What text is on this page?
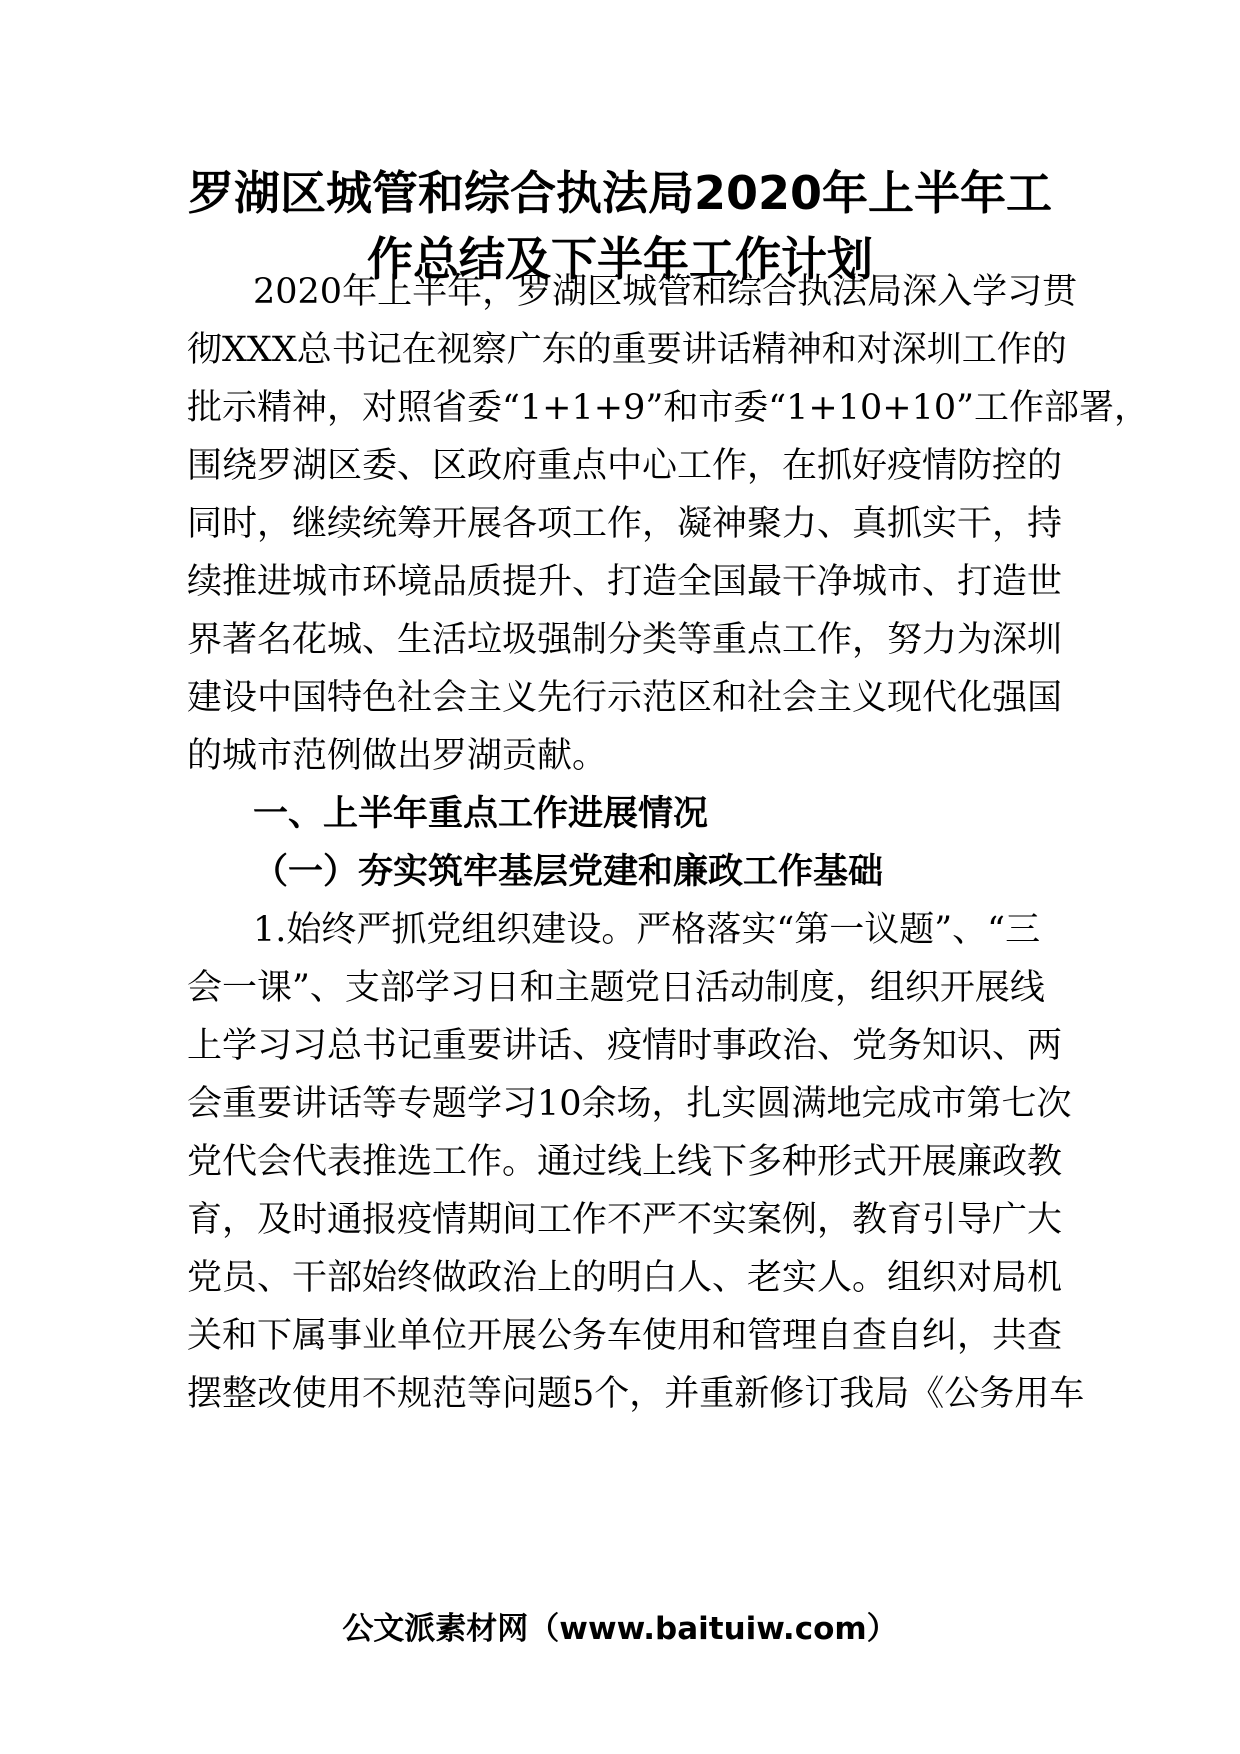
罗湖区城管和综合执法局2020年上半年工
作总结及下半年工作计划

2020年上半年，罗湖区城管和综合执法局深入学习贯

彻XXX总书记在视察广东的重要讲话精神和对深圳工作的

批示精神，对照省委“1+1+9”和市委“1+10+10”工作部署，

围绕罗湖区委、区政府重点中心工作，在抓好疫情防控的

同时，继续统筹开展各项工作，凝神聚力、真抓实干，持

续推进城市环境品质提升、打造全国最干净城市、打造世

界著名花城、生活垃圾强制分类等重点工作，努力为深圳

建设中国特色社会主义先行示范区和社会主义现代化强国

的城市范例做出罗湖贡献。

一、上半年重点工作进展情况
（一）夯实筑牢基层党建和廉政工作基础

1.始终严抓党组织建设。严格落实“第一议题”、“三

会一课”、支部学习日和主题党日活动制度，组织开展线

上学习习总书记重要讲话、疫情时事政治、党务知识、两

会重要讲话等专题学习10余场，扎实圆满地完成市第七次

党代会代表推选工作。通过线上线下多种形式开展廉政教

育，及时通报疫情期间工作不严不实案例，教育引导广大

党员、干部始终做政治上的明白人、老实人。组织对局机

关和下属事业单位开展公务车使用和管理自查自纠，共查

摆整改使用不规范等问题5个，并重新修订我局《公务用车

公文派素材网（www.baituiw.com）
